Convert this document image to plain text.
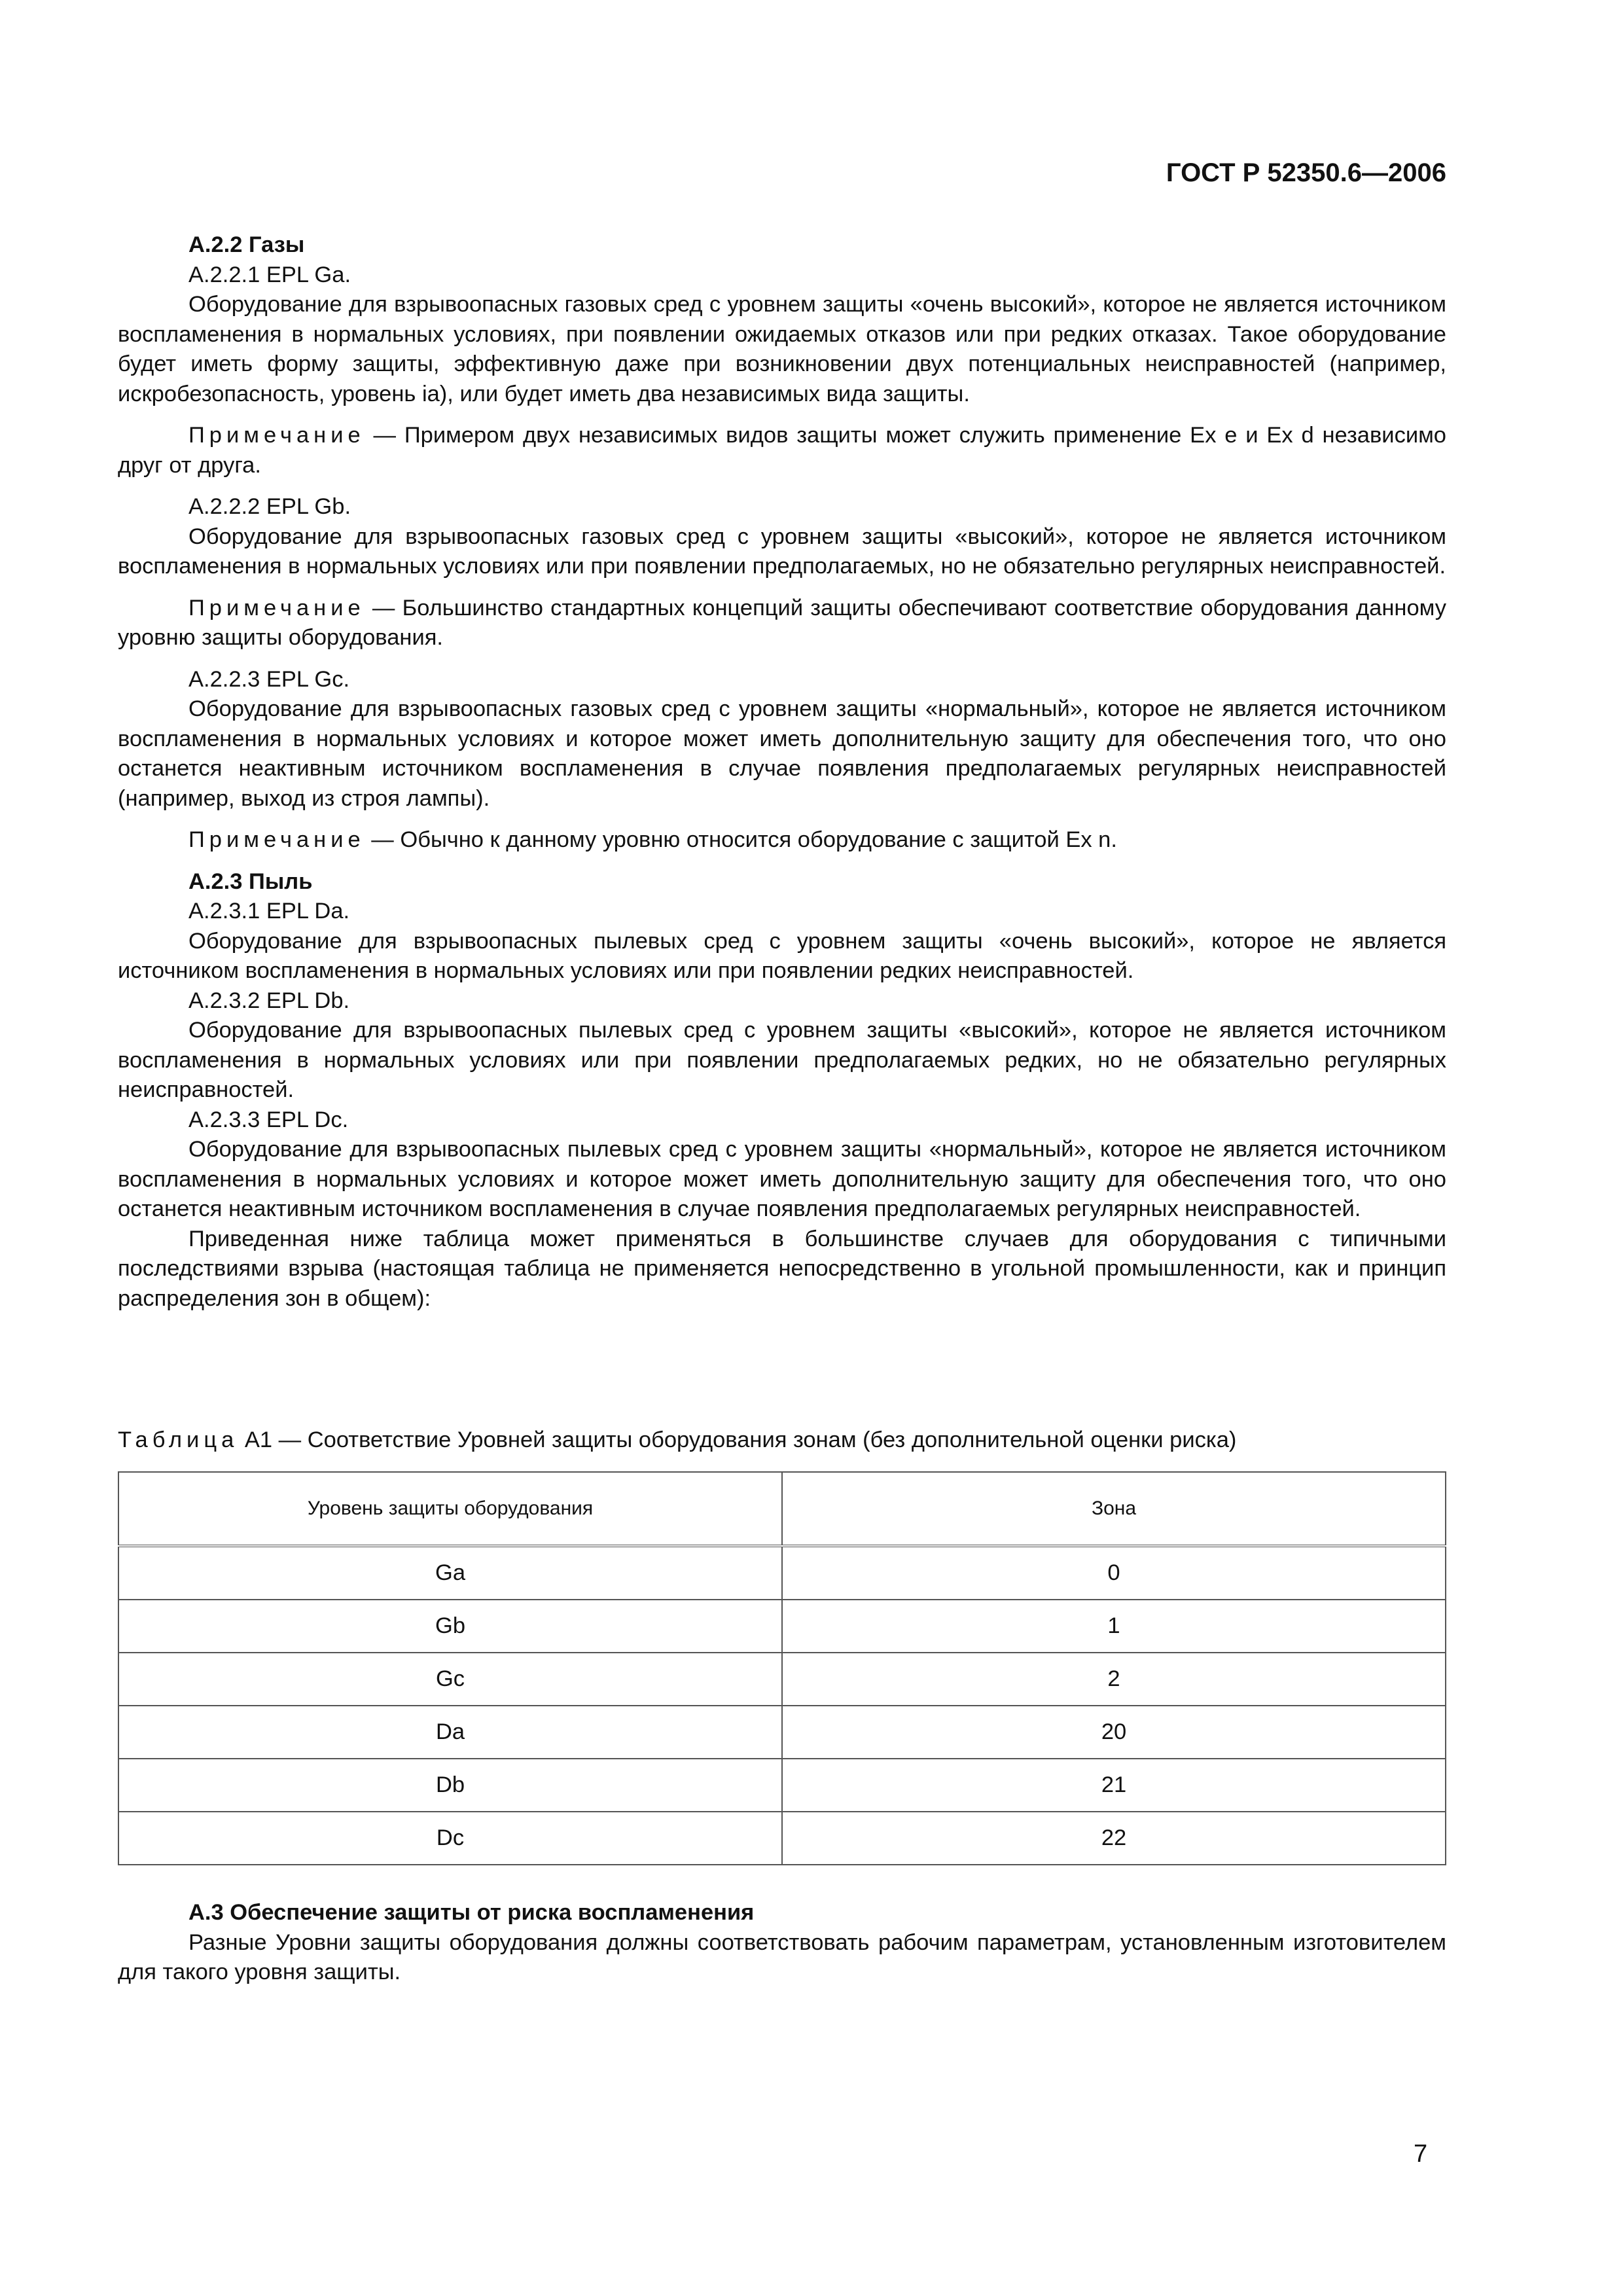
ГОСТ Р 52350.6—2006

А.2.2 Газы

А.2.2.1 EPL Ga.

Оборудование для взрывоопасных газовых сред с уровнем защиты «очень высокий», которое не является источником воспламенения в нормальных условиях, при появлении ожидаемых отказов или при редких отказах. Такое оборудование будет иметь форму защиты, эффективную даже при возникновении двух потенциальных неисправностей (например, искробезопасность, уровень ia), или будет иметь два независимых вида защиты.

Примечание — Примером двух независимых видов защиты может служить применение Ex e и Ex d независимо друг от друга.

А.2.2.2 EPL Gb.

Оборудование для взрывоопасных газовых сред с уровнем защиты «высокий», которое не является источником воспламенения в нормальных условиях или при появлении предполагаемых, но не обязательно регулярных неисправностей.

Примечание — Большинство стандартных концепций защиты обеспечивают соответствие оборудования данному уровню защиты оборудования.

А.2.2.3 EPL Gc.

Оборудование для взрывоопасных газовых сред с уровнем защиты «нормальный», которое не является источником воспламенения в нормальных условиях и которое может иметь дополнительную защиту для обеспечения того, что оно останется неактивным источником воспламенения в случае появления предполагаемых регулярных неисправностей (например, выход из строя лампы).

Примечание — Обычно к данному уровню относится оборудование с защитой Ex n.

А.2.3 Пыль

А.2.3.1 EPL Da.

Оборудование для взрывоопасных пылевых сред с уровнем защиты «очень высокий», которое не является источником воспламенения в нормальных условиях или при появлении редких неисправностей.

А.2.3.2 EPL Db.

Оборудование для взрывоопасных пылевых сред с уровнем защиты «высокий», которое не является источником воспламенения в нормальных условиях или при появлении предполагаемых редких, но не обязательно регулярных неисправностей.

А.2.3.3 EPL Dc.

Оборудование для взрывоопасных пылевых сред с уровнем защиты «нормальный», которое не является источником воспламенения в нормальных условиях и которое может иметь дополнительную защиту для обеспечения того, что оно останется неактивным источником воспламенения в случае появления предполагаемых регулярных неисправностей.

Приведенная ниже таблица может применяться в большинстве случаев для оборудования с типичными последствиями взрыва (настоящая таблица не применяется непосредственно в угольной промышленности, как и принцип распределения зон в общем):

Таблица А1 — Соответствие Уровней защиты оборудования зонам (без дополнительной оценки риска)
Уровень защиты оборудования	Зона
Ga	0
Gb	1
Gc	2
Da	20
Db	21
Dc	22

А.3 Обеспечение защиты от риска воспламенения

Разные Уровни защиты оборудования должны соответствовать рабочим параметрам, установленным изготовителем для такого уровня защиты.

7
